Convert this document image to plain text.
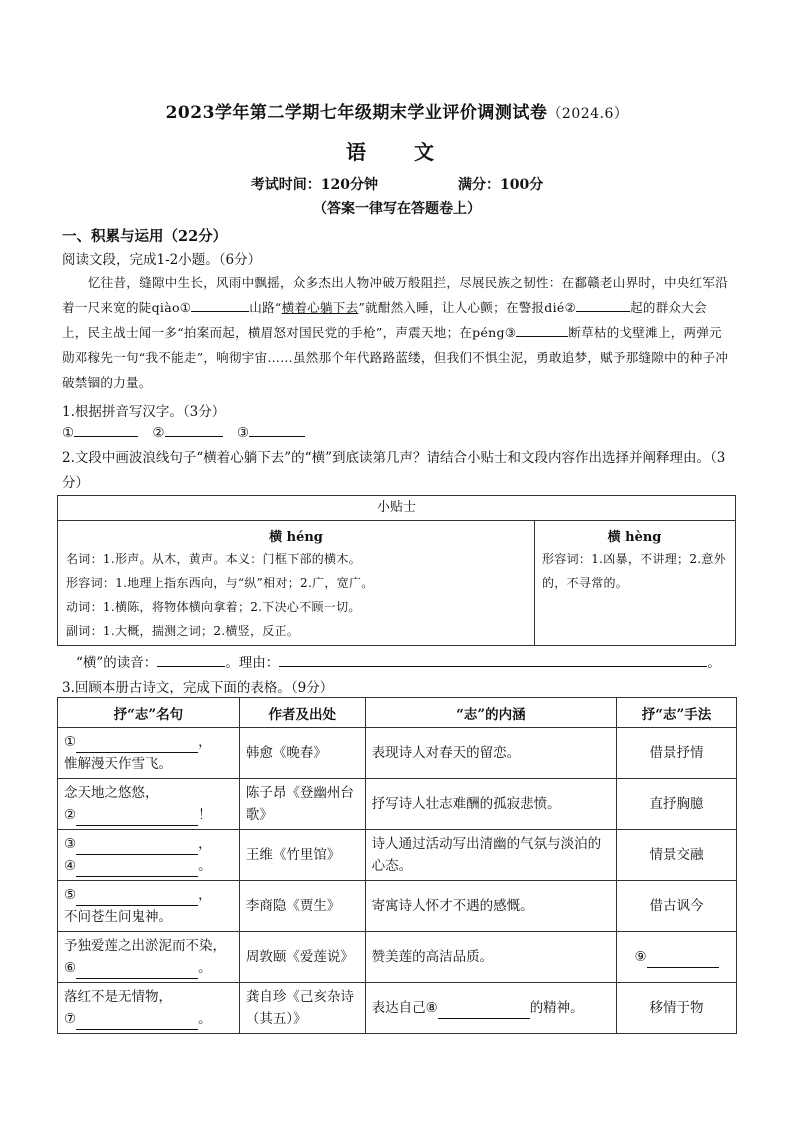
2023学年第二学期七年级期末学业评价调测试卷（2024.6）
语　文
考试时间：120分钟	满分：100分
（答案一律写在答题卷上）
一、积累与运用（22分）
阅读文段，完成1-2小题。（6分）
忆往昔，缝隙中生长，风雨中飘摇，众多杰出人物冲破万般阻拦，尽展民族之韧性：在鄱赣老山界时，中央红军沿着一尺来宽的陡qiào①	山路“横着心躺下去”就酣然入睡，让人心颤；在警报dié②	起的群众大会上，民主战士闻一多“拍案而起，横眉怒对国民党的手枪”，声震天地；在péng③	断草枯的戈壁滩上，两弹元勋邓稼先一句“我不能走”，响彻宇宙……虽然那个年代路路蓝缕，但我们不惧尘泥，勇敢追梦，赋予那缝隙中的种子冲破禁锢的力量。
1.根据拼音写汉字。（3分）
①	②	③
2.文段中画波浪线句子“横着心躺下去”的“横”到底读第几声？请结合小贴士和文段内容作出选择并阐释理由。（3分）
小贴士
横 héng
名词：1.形声。从木，黄声。本义：门框下部的横木。
形容词：1.地理上指东西向，与“纵”相对；2.广，宽广。
动词：1.横陈，将物体横向拿着；2.下决心不顾一切。
副词：1.大概，揣测之词；2.横竖，反正。
横 hèng
形容词：1.凶暴，不讲理；2.意外的，不寻常的。
“横”的读音：	。理由：	。
3.回顾本册古诗文，完成下面的表格。（9分）
抒“志”名句	作者及出处	“志”的内涵	抒“志”手法
① ，
惟解漫天作雪飞。	韩愈《晚春》	表现诗人对春天的留恋。	借景抒情
念天地之悠悠，
② ！	陈子昂《登幽州台歌》	抒写诗人壮志难酬的孤寂悲愤。	直抒胸臆
③ ，
④ 。	王维《竹里馆》	诗人通过活动写出清幽的气氛与淡泊的心态。	情景交融
⑤ ，
不问苍生问鬼神。	李商隐《贾生》	寄寓诗人怀才不遇的感慨。	借古讽今
予独爱莲之出淤泥而不染，
⑥ 。	周敦颐《爱莲说》	赞美莲的高洁品质。	⑨
落红不是无情物，
⑦ 。	龚自珍《己亥杂诗（其五）》	表达自己⑧ 的精神。	移情于物
